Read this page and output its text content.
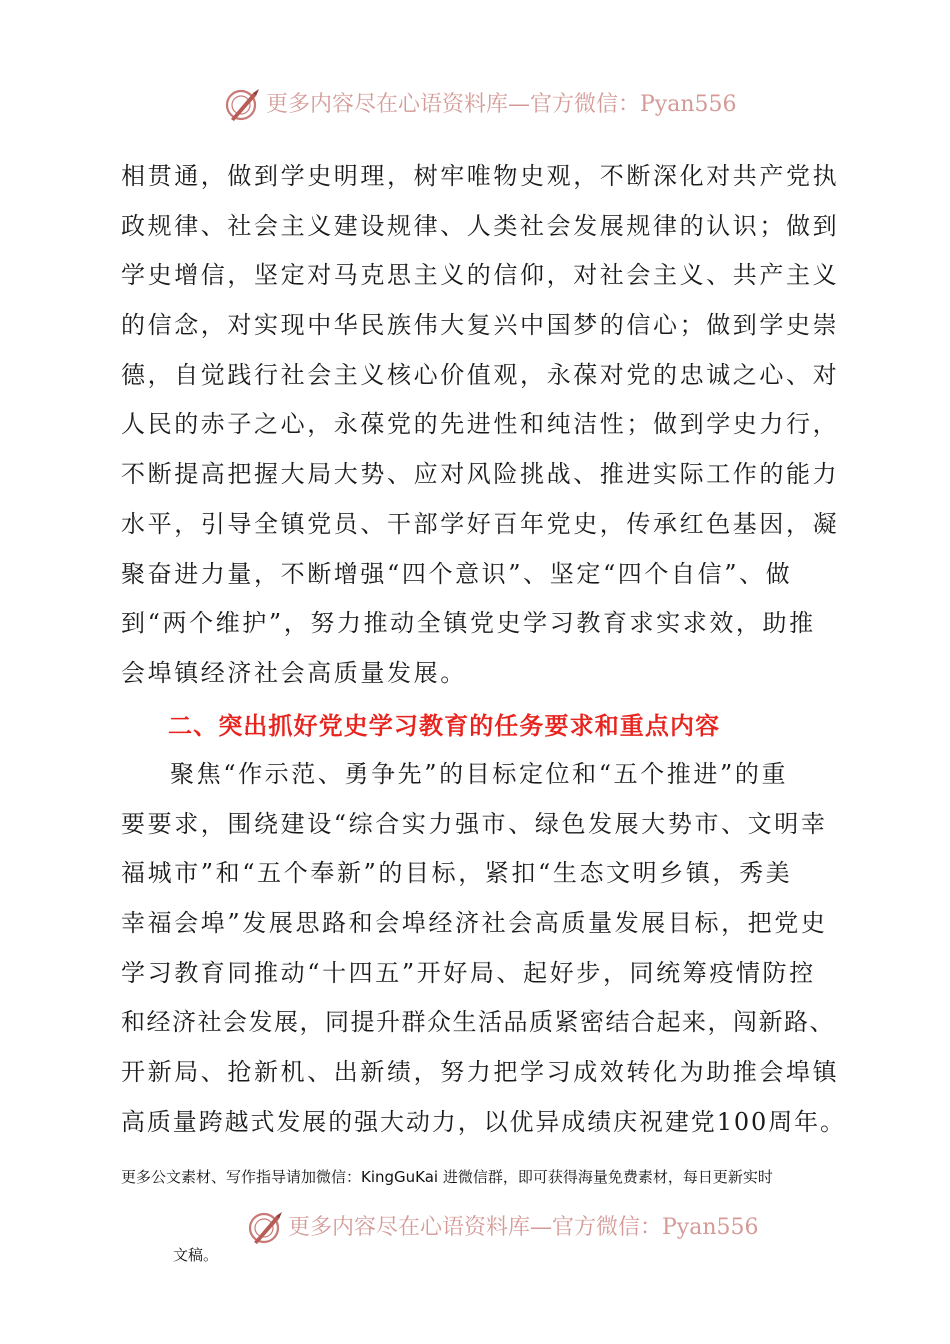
更多内容尽在心语资料库—官方微信：Pyan556
相贯通，做到学史明理，树牢唯物史观，不断深化对共产党执
政规律、社会主义建设规律、人类社会发展规律的认识；做到
学史增信，坚定对马克思主义的信仰，对社会主义、共产主义
的信念，对实现中华民族伟大复兴中国梦的信心；做到学史崇
德，自觉践行社会主义核心价值观，永葆对党的忠诚之心、对
人民的赤子之心，永葆党的先进性和纯洁性；做到学史力行，
不断提高把握大局大势、应对风险挑战、推进实际工作的能力
水平，引导全镇党员、干部学好百年党史，传承红色基因，凝
聚奋进力量，不断增强“四个意识”、坚定“四个自信”、做
到“两个维护”，努力推动全镇党史学习教育求实求效，助推
会埠镇经济社会高质量发展。
二、突出抓好党史学习教育的任务要求和重点内容
聚焦“作示范、勇争先”的目标定位和“五个推进”的重
要要求，围绕建设“综合实力强市、绿色发展大势市、文明幸
福城市”和“五个奉新”的目标，紧扣“生态文明乡镇，秀美
幸福会埠”发展思路和会埠经济社会高质量发展目标，把党史
学习教育同推动“十四五”开好局、起好步，同统筹疫情防控
和经济社会发展，同提升群众生活品质紧密结合起来，闯新路、
开新局、抢新机、出新绩，努力把学习成效转化为助推会埠镇
高质量跨越式发展的强大动力，以优异成绩庆祝建党100周年。
更多公文素材、写作指导请加微信：KingGuKai 进微信群，即可获得海量免费素材，每日更新实时
更多内容尽在心语资料库—官方微信：Pyan556
文稿。
